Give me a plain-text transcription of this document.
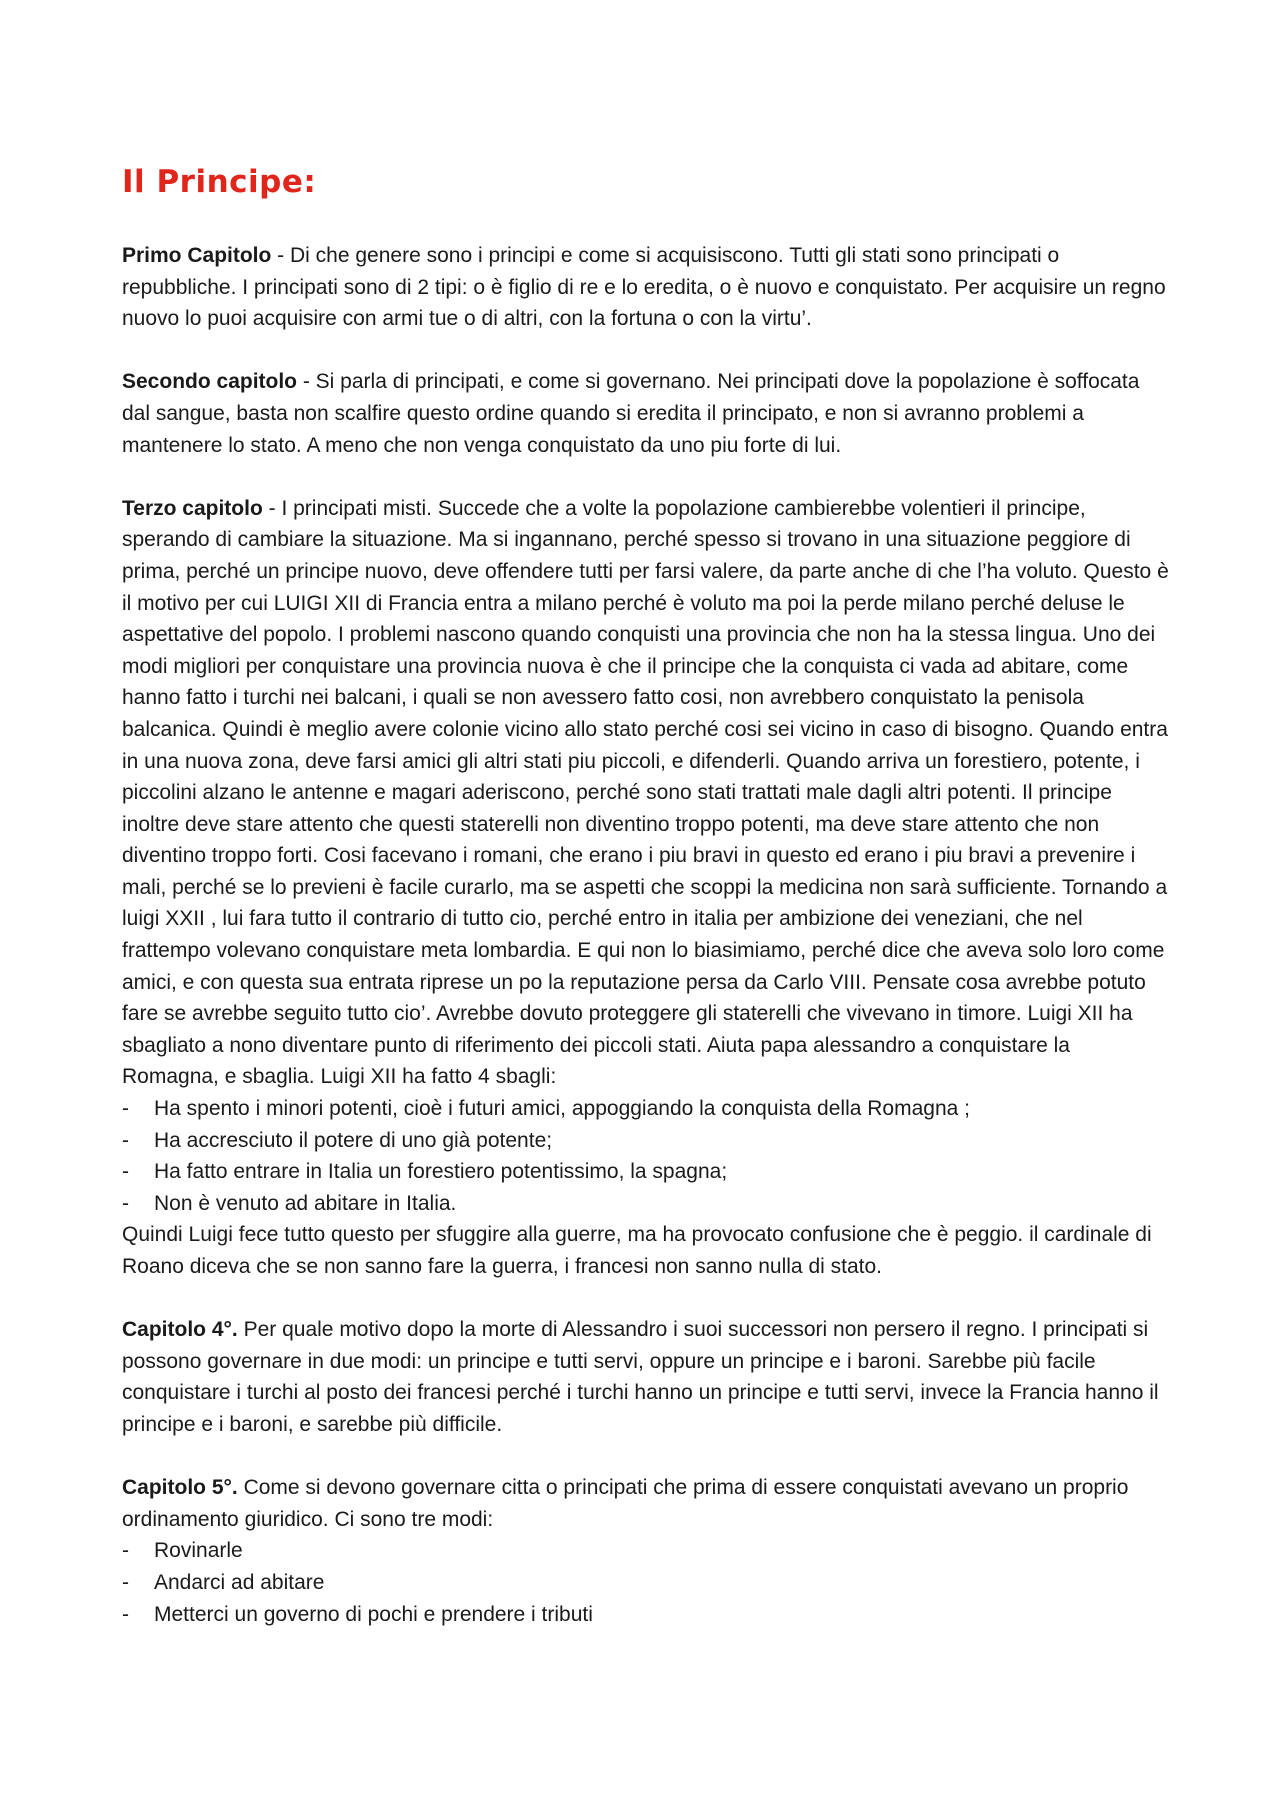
Il Principe:

Primo Capitolo - Di che genere sono i principi e come si acquisiscono. Tutti gli stati sono principati o repubbliche. I principati sono di 2 tipi: o è figlio di re e lo eredita, o è nuovo e conquistato. Per acquisire un regno nuovo lo puoi acquisire con armi tue o di altri, con la fortuna o con la virtu’.

Secondo capitolo - Si parla di principati, e come si governano. Nei principati dove la popolazione è soffocata dal sangue, basta non scalfire questo ordine quando si eredita il principato, e non si avranno problemi a mantenere lo stato. A meno che non venga conquistato da uno piu forte di lui.

Terzo capitolo - I principati misti. Succede che a volte la popolazione cambierebbe volentieri il principe, sperando di cambiare la situazione. Ma si ingannano, perché spesso si trovano in una situazione peggiore di prima, perché un principe nuovo, deve offendere tutti per farsi valere, da parte anche di che l’ha voluto. Questo è il motivo per cui LUIGI XII di Francia entra a milano perché è voluto ma poi la perde milano perché deluse le aspettative del popolo. I problemi nascono quando conquisti una provincia che non ha la stessa lingua. Uno dei modi migliori per conquistare una provincia nuova è che il principe che la conquista ci vada ad abitare, come hanno fatto i turchi nei balcani, i quali se non avessero fatto cosi, non avrebbero conquistato la penisola balcanica. Quindi è meglio avere colonie vicino allo stato perché cosi sei vicino in caso di bisogno. Quando entra in una nuova zona, deve farsi amici gli altri stati piu piccoli, e difenderli. Quando arriva un forestiero, potente, i piccolini alzano le antenne e magari aderiscono, perché sono stati trattati male dagli altri potenti. Il principe inoltre deve stare attento che questi staterelli non diventino troppo potenti, ma deve stare attento che non diventino troppo forti. Cosi facevano i romani, che erano i piu bravi in questo ed erano i piu bravi a prevenire i mali, perché se lo previeni è facile curarlo, ma se aspetti che scoppi la medicina non sarà sufficiente. Tornando a luigi XXII , lui fara tutto il contrario di tutto cio, perché entro in italia per ambizione dei veneziani, che nel frattempo volevano conquistare meta lombardia. E qui non lo biasimiamo, perché dice che aveva solo loro come amici, e con questa sua entrata riprese un po la reputazione persa da Carlo VIII. Pensate cosa avrebbe potuto fare se avrebbe seguito tutto cio’. Avrebbe dovuto proteggere gli staterelli che vivevano in timore. Luigi XII ha sbagliato a nono diventare punto di riferimento dei piccoli stati. Aiuta papa alessandro a conquistare la Romagna, e sbaglia. Luigi XII ha fatto 4 sbagli:

- Ha spento i minori potenti, cioè i futuri amici, appoggiando la conquista della Romagna ;
- Ha accresciuto il potere di uno già potente;
- Ha fatto entrare in Italia un forestiero potentissimo, la spagna;
- Non è venuto ad abitare in Italia.

Quindi Luigi fece tutto questo per sfuggire alla guerre, ma ha provocato confusione che è peggio. il cardinale di Roano diceva che se non sanno fare la guerra, i francesi non sanno nulla di stato.

Capitolo 4°. Per quale motivo dopo la morte di Alessandro i suoi successori non persero il regno. I principati si possono governare in due modi: un principe e tutti servi, oppure un principe e i baroni. Sarebbe più facile conquistare i turchi al posto dei francesi perché i turchi hanno un principe e tutti servi, invece la Francia hanno il principe e i baroni, e sarebbe più difficile.

Capitolo 5°. Come si devono governare citta o principati che prima di essere conquistati avevano un proprio ordinamento giuridico. Ci sono tre modi:

- Rovinarle
- Andarci ad abitare
- Metterci un governo di pochi e prendere i tributi
